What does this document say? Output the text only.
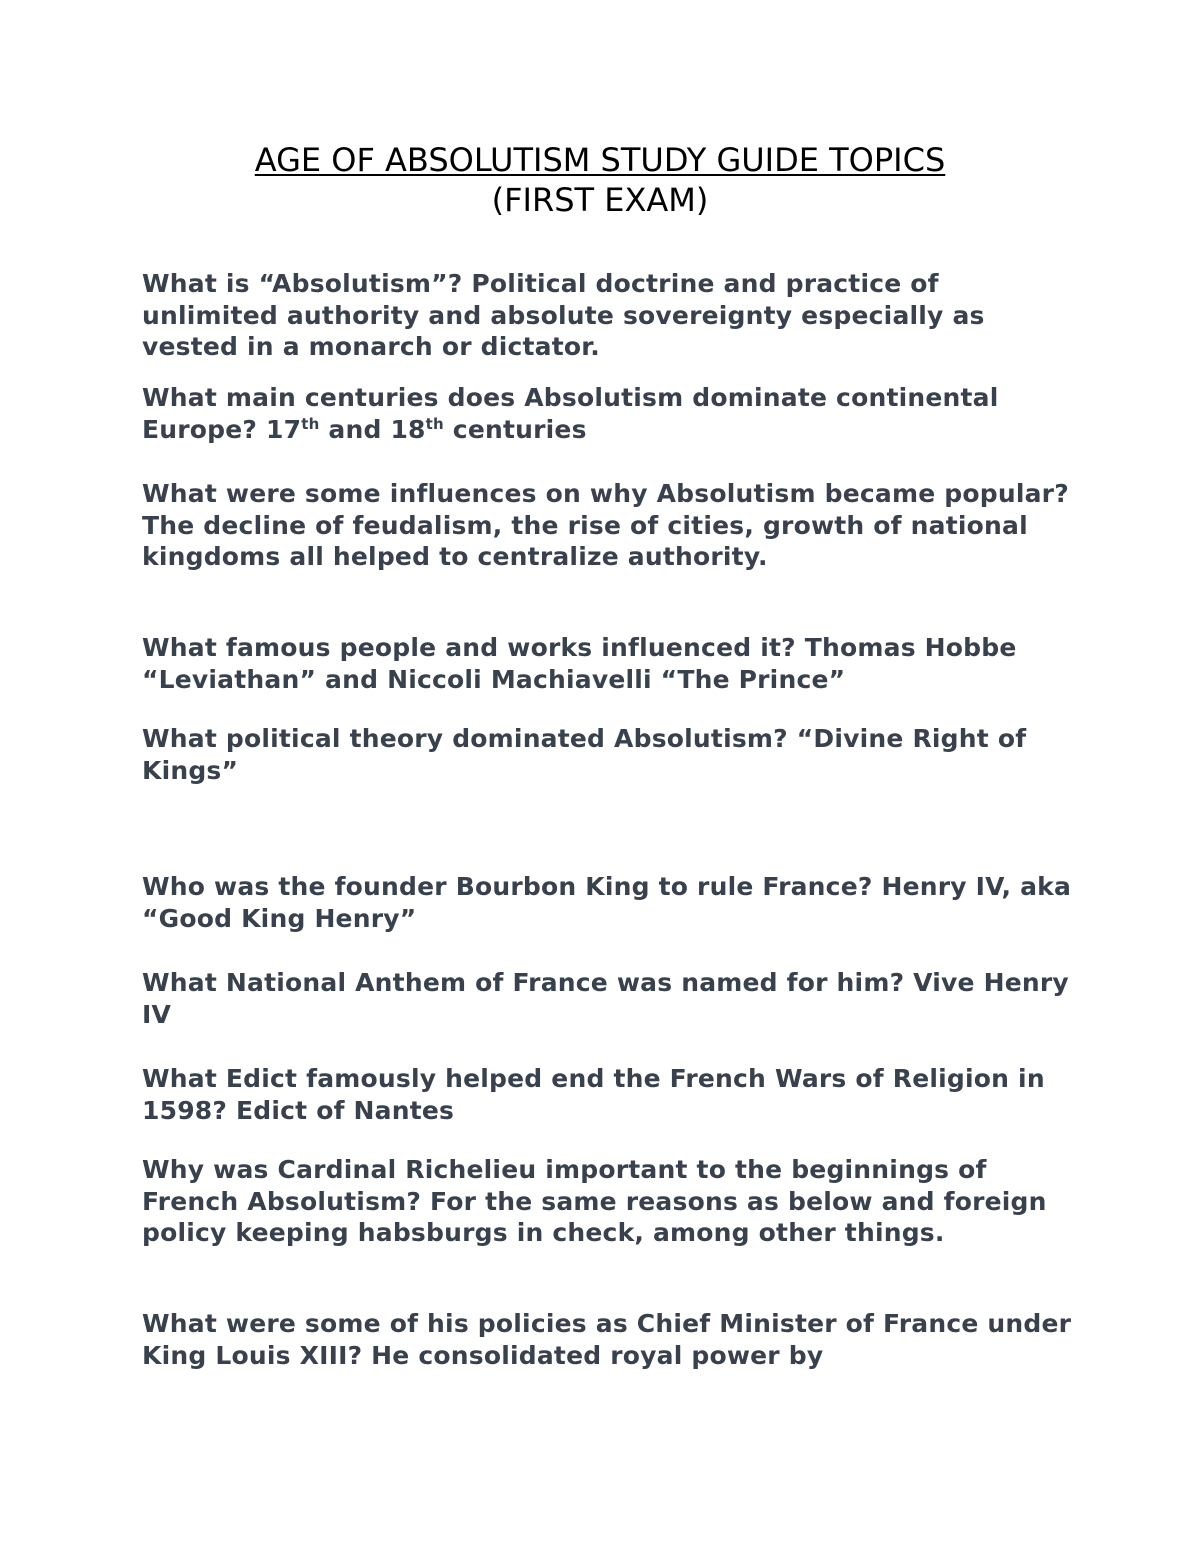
AGE OF ABSOLUTISM STUDY GUIDE TOPICS
(FIRST EXAM)

What is “Absolutism”? Political doctrine and practice of unlimited authority and absolute sovereignty especially as vested in a monarch or dictator.

What main centuries does Absolutism dominate continental Europe? 17th and 18th centuries

What were some influences on why Absolutism became popular? The decline of feudalism, the rise of cities, growth of national kingdoms all helped to centralize authority.

What famous people and works influenced it? Thomas Hobbe “Leviathan” and Niccoli Machiavelli “The Prince”

What political theory dominated Absolutism? “Divine Right of Kings”

Who was the founder Bourbon King to rule France? Henry IV, aka “Good King Henry”

What National Anthem of France was named for him? Vive Henry IV

What Edict famously helped end the French Wars of Religion in 1598? Edict of Nantes

Why was Cardinal Richelieu important to the beginnings of French Absolutism? For the same reasons as below and foreign policy keeping habsburgs in check, among other things.

What were some of his policies as Chief Minister of France under King Louis XIII? He consolidated royal power by
